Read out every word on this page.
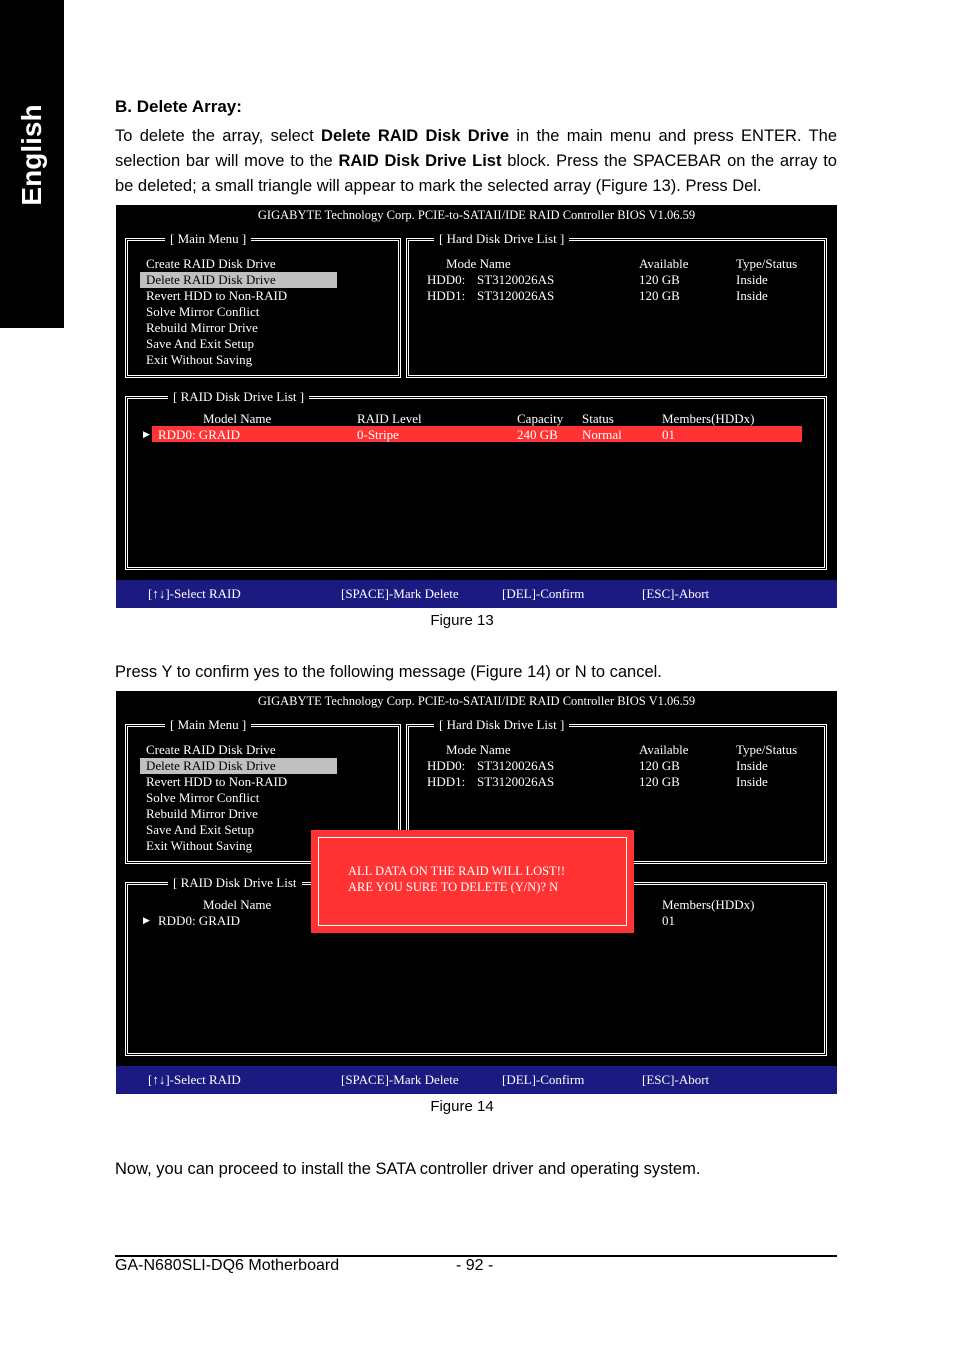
English	B. Delete Array:
To delete the array, select Delete RAID Disk Drive in the main menu and press ENTER. The selection bar will move to the RAID Disk Drive List block. Press the SPACEBAR on the array to be deleted; a small triangle will appear to mark the selected array (Figure 13). Press Del.
GIGABYTE Technology Corp. PCIE-to-SATAII/IDE RAID Controller BIOS V1.06.59
[ Main Menu ]
Create RAID Disk Drive
Delete RAID Disk Drive
Revert HDD to Non-RAID
Solve Mirror Conflict
Rebuild Mirror Drive
Save And Exit Setup
Exit Without Saving
[ Hard Disk Drive List ]
Mode Name	Available	Type/Status
HDD0: ST3120026AS	120 GB	Inside
HDD1: ST3120026AS	120 GB	Inside
[ RAID Disk Drive List ]
Model Name	RAID Level	Capacity Status	Members(HDDx)
▶ RDD0: GRAID	0-Stripe	240 GB Normal	01
[↑↓]-Select RAID	[SPACE]-Mark Delete	[DEL]-Confirm	[ESC]-Abort
Figure 13
Press Y to confirm yes to the following message (Figure 14) or N to cancel.
GIGABYTE Technology Corp. PCIE-to-SATAII/IDE RAID Controller BIOS V1.06.59
[ Main Menu ]
Create RAID Disk Drive
Delete RAID Disk Drive
Revert HDD to Non-RAID
Solve Mirror Conflict
Rebuild Mirror Drive
Save And Exit Setup
Exit Without Saving
[ Hard Disk Drive List ]
Mode Name	Available	Type/Status
HDD0: ST3120026AS	120 GB	Inside
HDD1: ST3120026AS	120 GB	Inside
[ RAID Disk Drive List
Model Name	Members(HDDx)
▶ RDD0: GRAID	01
ALL DATA ON THE RAID WILL LOST!!
ARE YOU SURE TO DELETE (Y/N)? N
[↑↓]-Select RAID	[SPACE]-Mark Delete	[DEL]-Confirm	[ESC]-Abort
Figure 14
Now, you can proceed to install the SATA controller driver and operating system.
GA-N680SLI-DQ6 Motherboard	- 92 -
